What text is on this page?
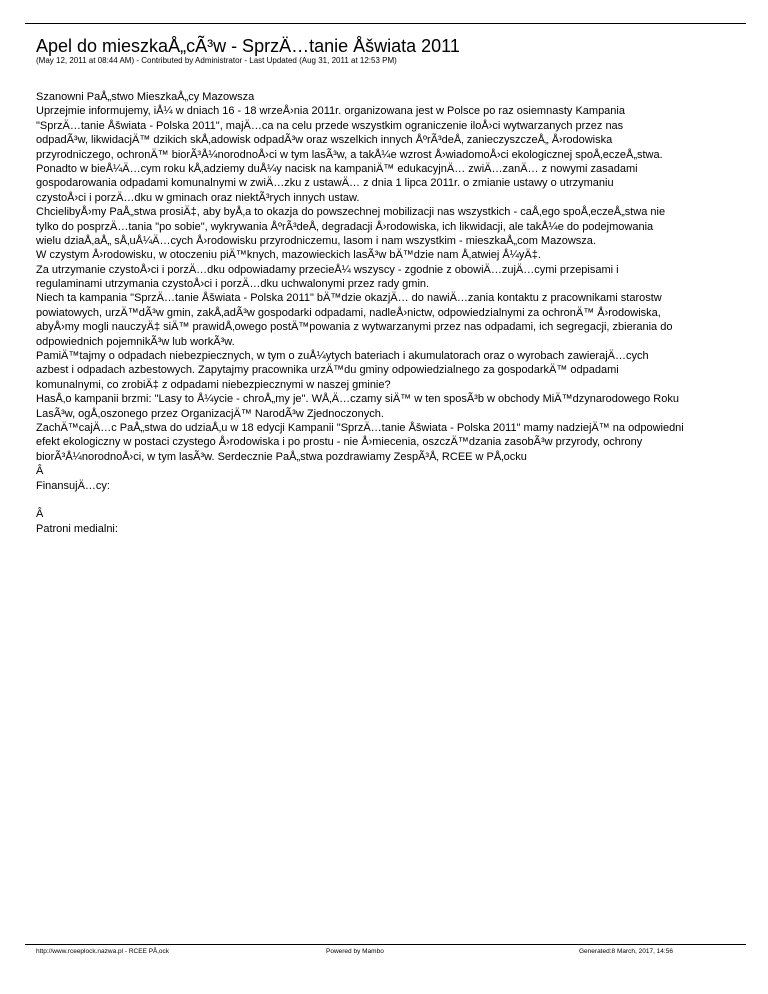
Apel do mieszkaÅ„cÃ³w - SprzÄ…tanie Åšwiata 2011
(May 12, 2011 at 08:44 AM) - Contributed by Administrator - Last Updated (Aug 31, 2011 at 12:53 PM)
Szanowni PaÅ„stwo MieszkaÅ„cy Mazowsza
Uprzejmie informujemy, iÅ¼ w dniach 16 - 18 wrzeÅ›nia 2011r. organizowana jest w Polsce po raz osiemnasty Kampania
"SprzÄ…tanie Åšwiata - Polska 2011", majÄ…ca na celu przede wszystkim ograniczenie iloÅ›ci wytwarzanych przez nas
odpadÃ³w, likwidacjÄ™ dzikich skÅ‚adowisk odpadÃ³w oraz wszelkich innych ÅºrÃ³deÅ‚ zanieczyszczeÅ„ Å›rodowiska
przyrodniczego, ochronÄ™ biorÃ³Å¼norodnoÅ›ci w tym lasÃ³w, a takÅ¼e wzrost Å›wiadomoÅ›ci ekologicznej spoÅ‚eczeÅ„stwa.
Ponadto w bieÅ¼Ä…cym roku kÅ‚adziemy duÅ¼y nacisk na kampaniÄ™ edukacyjnÄ… zwiÄ…zanÄ… z nowymi zasadami
gospodarowania odpadami komunalnymi w zwiÄ…zku z ustawÄ… z dnia 1 lipca 2011r. o zmianie ustawy o utrzymaniu
czystoÅ›ci i porzÄ…dku w gminach oraz niektÃ³rych innych ustaw.
ChcielibyÅ›my PaÅ„stwa prosiÄ‡, aby byÅ‚a to okazja do powszechnej mobilizacji nas wszystkich - caÅ‚ego spoÅ‚eczeÅ„stwa nie
tylko do posprzÄ…tania "po sobie", wykrywania ÅºrÃ³deÅ‚ degradacji Å›rodowiska, ich likwidacji, ale takÅ¼e do podejmowania
wielu dziaÅ‚aÅ„ sÅ‚uÅ¼Ä…cych Å›rodowisku przyrodniczemu, lasom i nam wszystkim - mieszkaÅ„com Mazowsza.
W czystym Å›rodowisku, w otoczeniu piÄ™knych, mazowieckich lasÃ³w bÄ™dzie nam Å‚atwiej Å¼yÄ‡.
Za utrzymanie czystoÅ›ci i porzÄ…dku odpowiadamy przecieÅ¼ wszyscy - zgodnie z obowiÄ…zujÄ…cymi przepisami i
regulaminami utrzymania czystoÅ›ci i porzÄ…dku uchwalonymi przez rady gmin.
Niech ta kampania "SprzÄ…tanie Åšwiata - Polska 2011" bÄ™dzie okazjÄ… do nawiÄ…zania kontaktu z pracownikami starostw
powiatowych, urzÄ™dÃ³w gmin, zakÅ‚adÃ³w gospodarki odpadami, nadleÅ›nictw, odpowiedzialnymi za ochronÄ™ Å›rodowiska,
abyÅ›my mogli nauczyÄ‡ siÄ™ prawidÅ‚owego postÄ™powania z wytwarzanymi przez nas odpadami, ich segregacji, zbierania do
odpowiednich pojemnikÃ³w lub workÃ³w.
PamiÄ™tajmy o odpadach niebezpiecznych, w tym o zuÅ¼ytych bateriach i akumulatorach oraz o wyrobach zawierajÄ…cych
azbest i odpadach azbestowych. Zapytajmy pracownika urzÄ™du gminy odpowiedzialnego za gospodarkÄ™ odpadami
komunalnymi, co zrobiÄ‡ z odpadami niebezpiecznymi w naszej gminie?
HasÅ‚o kampanii brzmi: "Lasy to Å¼ycie - chroÅ„my je". WÅ‚Ä…czamy siÄ™ w ten sposÃ³b w obchody MiÄ™dzynarodowego Roku
LasÃ³w, ogÅ‚oszonego przez OrganizacjÄ™ NarodÃ³w Zjednoczonych.
ZachÄ™cajÄ…c PaÅ„stwa do udziaÅ‚u w 18 edycji Kampanii "SprzÄ…tanie Åšwiata - Polska 2011" mamy nadziejÄ™ na odpowiedni
efekt ekologiczny w postaci czystego Å›rodowiska i po prostu - nie Å›miecenia, oszczÄ™dzania zasobÃ³w przyrody, ochrony
biorÃ³Å¼norodnoÅ›ci, w tym lasÃ³w. Serdecznie PaÅ„stwa pozdrawiamy ZespÃ³Å‚ RCEE w PÅ‚ocku
Â
FinansujÄ…cy:
Â
Patroni medialni:
http://www.rceeplock.nazwa.pl - RCEE PÅ‚ock	Powered by Mambo	Generated:8 March, 2017, 14:56
